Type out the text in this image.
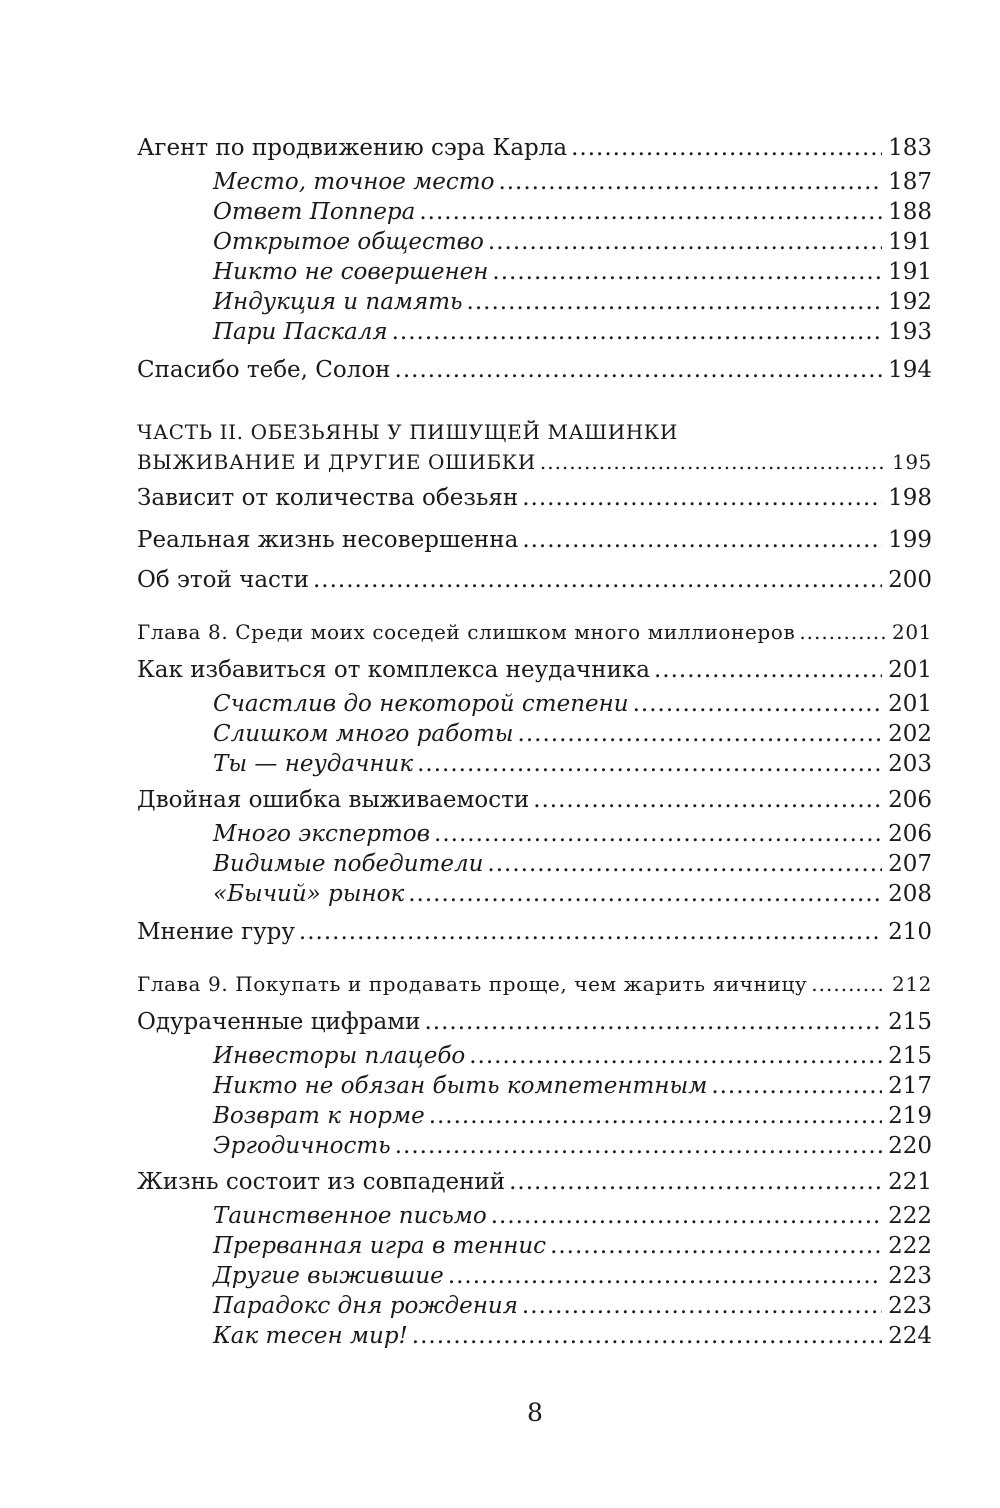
Агент по продвижению сэра Карла .....	183
Место, точное место .....	187
Ответ Поппера .....	188
Открытое общество .....	191
Никто не совершенен .....	191
Индукция и память .....	192
Пари Паскаля .....	193
Спасибо тебе, Солон .....	194
ЧАСТЬ II. ОБЕЗЬЯНЫ У ПИШУЩЕЙ МАШИНКИ
ВЫЖИВАНИЕ И ДРУГИЕ ОШИБКИ .....	195
Зависит от количества обезьян .....	198
Реальная жизнь несовершенна .....	199
Об этой части .....	200
Глава 8. Среди моих соседей слишком много миллионеров .....	201
Как избавиться от комплекса неудачника .....	201
Счастлив до некоторой степени .....	201
Слишком много работы .....	202
Ты — неудачник .....	203
Двойная ошибка выживаемости .....	206
Много экспертов .....	206
Видимые победители .....	207
«Бычий» рынок .....	208
Мнение гуру .....	210
Глава 9. Покупать и продавать проще, чем жарить яичницу .....	212
Одураченные цифрами .....	215
Инвесторы плацебо .....	215
Никто не обязан быть компетентным .....	217
Возврат к норме .....	219
Эргодичность .....	220
Жизнь состоит из совпадений .....	221
Таинственное письмо .....	222
Прерванная игра в теннис .....	222
Другие выжившие .....	223
Парадокс дня рождения .....	223
Как тесен мир! .....	224
8
